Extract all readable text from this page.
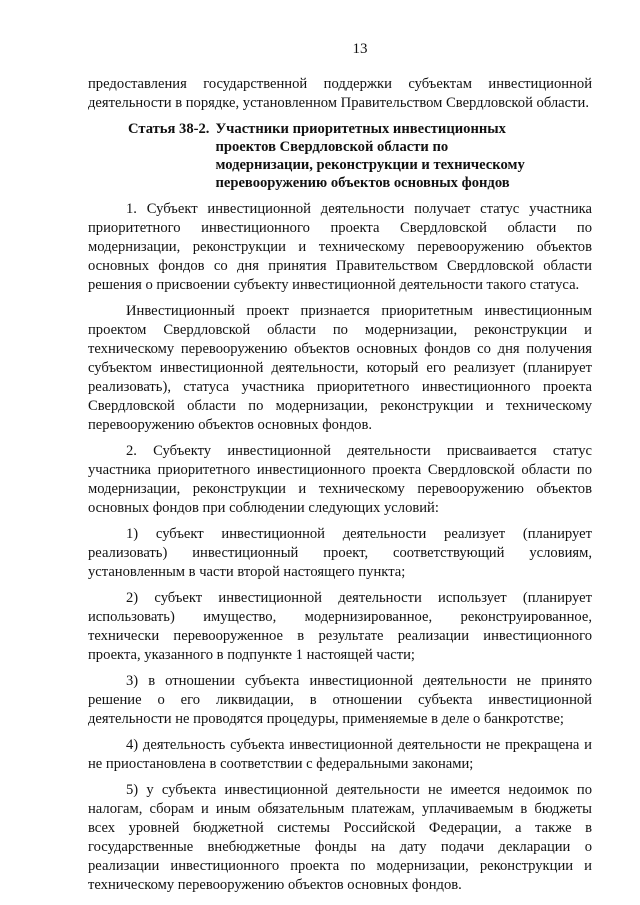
13

предоставления государственной поддержки субъектам инвестиционной деятельности в порядке, установленном Правительством Свердловской области.

Статья 38-2. Участники приоритетных инвестиционных проектов Свердловской области по модернизации, реконструкции и техническому перевооружению объектов основных фондов

1. Субъект инвестиционной деятельности получает статус участника приоритетного инвестиционного проекта Свердловской области по модернизации, реконструкции и техническому перевооружению объектов основных фондов со дня принятия Правительством Свердловской области решения о присвоении субъекту инвестиционной деятельности такого статуса.

Инвестиционный проект признается приоритетным инвестиционным проектом Свердловской области по модернизации, реконструкции и техническому перевооружению объектов основных фондов со дня получения субъектом инвестиционной деятельности, который его реализует (планирует реализовать), статуса участника приоритетного инвестиционного проекта Свердловской области по модернизации, реконструкции и техническому перевооружению объектов основных фондов.

2. Субъекту инвестиционной деятельности присваивается статус участника приоритетного инвестиционного проекта Свердловской области по модернизации, реконструкции и техническому перевооружению объектов основных фондов при соблюдении следующих условий:

1) субъект инвестиционной деятельности реализует (планирует реализовать) инвестиционный проект, соответствующий условиям, установленным в части второй настоящего пункта;

2) субъект инвестиционной деятельности использует (планирует использовать) имущество, модернизированное, реконструированное, технически перевооруженное в результате реализации инвестиционного проекта, указанного в подпункте 1 настоящей части;

3) в отношении субъекта инвестиционной деятельности не принято решение о его ликвидации, в отношении субъекта инвестиционной деятельности не проводятся процедуры, применяемые в деле о банкротстве;

4) деятельность субъекта инвестиционной деятельности не прекращена и не приостановлена в соответствии с федеральными законами;

5) у субъекта инвестиционной деятельности не имеется недоимок по налогам, сборам и иным обязательным платежам, уплачиваемым в бюджеты всех уровней бюджетной системы Российской Федерации, а также в государственные внебюджетные фонды на дату подачи декларации о реализации инвестиционного проекта по модернизации, реконструкции и техническому перевооружению объектов основных фондов.
